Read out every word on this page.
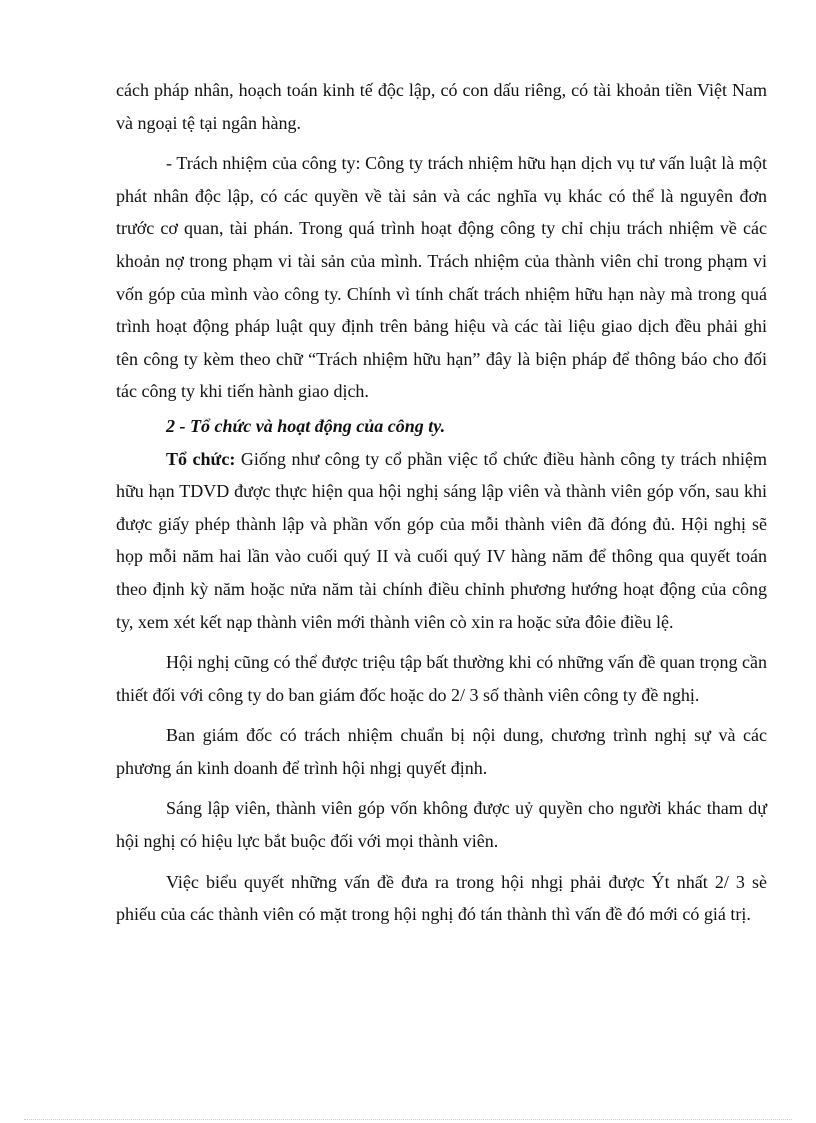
cách pháp nhân, hoạch toán kinh tế độc lập, có con dấu riêng, có tài khoản tiền Việt Nam và ngoại tệ tại ngân hàng.

- Trách nhiệm của công ty: Công ty trách nhiệm hữu hạn dịch vụ tư vấn luật là một phát nhân độc lập, có các quyền về tài sản và các nghĩa vụ khác có thể là nguyên đơn trước cơ quan, tài phán. Trong quá trình hoạt động công ty chỉ chịu trách nhiệm về các khoản nợ trong phạm vi tài sản của mình. Trách nhiệm của thành viên chỉ trong phạm vi vốn góp của mình vào công ty. Chính vì tính chất trách nhiệm hữu hạn này mà trong quá trình hoạt động pháp luật quy định trên bảng hiệu và các tài liệu giao dịch đều phải ghi tên công ty kèm theo chữ “Trách nhiệm hữu hạn” đây là biện pháp để thông báo cho đối tác công ty khi tiến hành giao dịch.

2 - Tổ chức và hoạt động của công ty.

Tổ chức: Giống như công ty cổ phần việc tổ chức điều hành công ty trách nhiệm hữu hạn TDVD được thực hiện qua hội nghị sáng lập viên và thành viên góp vốn, sau khi được giấy phép thành lập và phần vốn góp của mỗi thành viên đã đóng đủ. Hội nghị sẽ họp mỗi năm hai lần vào cuối quý II và cuối quý IV hàng năm để thông qua quyết toán theo định kỳ năm hoặc nửa năm tài chính điều chỉnh phương hướng hoạt động của công ty, xem xét kết nạp thành viên mới thành viên cò xin ra hoặc sửa đôie điều lệ.

Hội nghị cũng có thể được triệu tập bất thường khi có những vấn đề quan trọng cần thiết đối với công ty do ban giám đốc hoặc do 2/ 3 số thành viên công ty đề nghị.

Ban giám đốc có trách nhiệm chuẩn bị nội dung, chương trình nghị sự và các phương án kinh doanh để trình hội nhgị quyết định.

Sáng lập viên, thành viên góp vốn không được uỷ quyền cho người khác tham dự hội nghị có hiệu lực bắt buộc đối với mọi thành viên.

Việc biểu quyết những vấn đề đưa ra trong hội nhgị phải được Ýt nhất 2/ 3 sè phiếu của các thành viên có mặt trong hội nghị đó tán thành thì vấn đề đó mới có giá trị.
